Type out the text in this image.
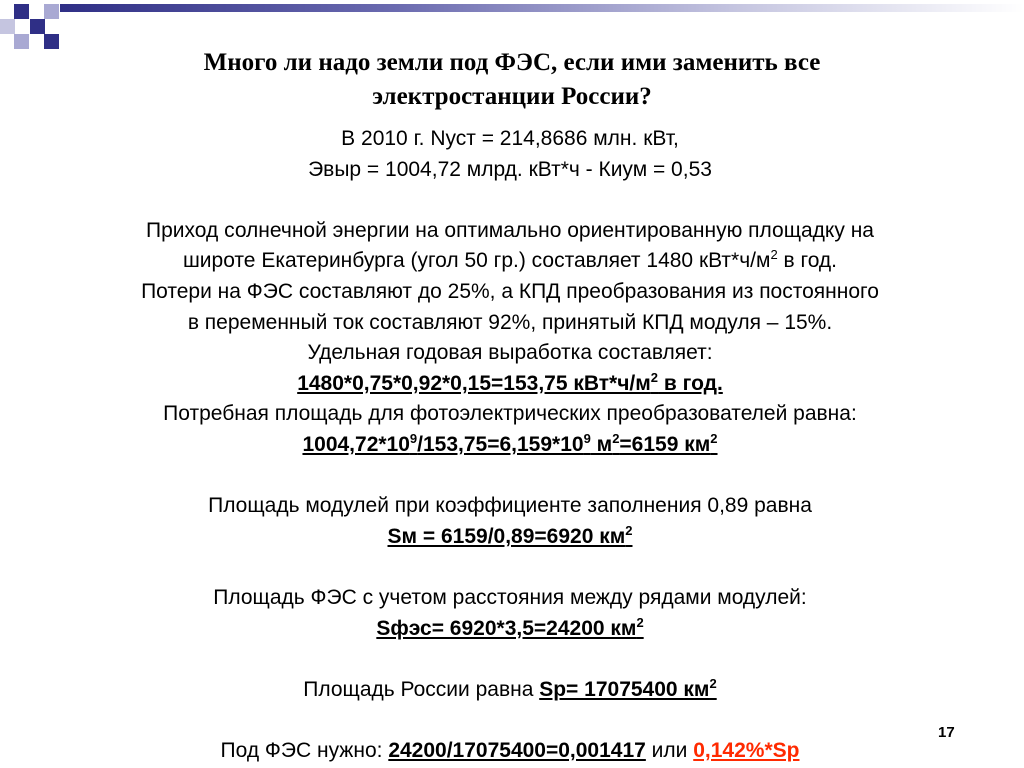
Много ли надо земли под ФЭС, если ими заменить все
электростанции России?
В 2010 г. Nуст = 214,8686 млн. кВт,
Эвыр = 1004,72 млрд. кВт*ч - Киум = 0,53
Приход солнечной энергии на оптимально ориентированную площадку на
широте Екатеринбурга (угол 50 гр.) составляет 1480 $кВт*ч/м^2$ в год.
Потери на ФЭС составляют до 25%, а КПД преобразования из постоянного
в переменный ток составляют 92%, принятый КПД модуля – 15%.
Удельная годовая выработка составляет:
1480*0,75*0,92*0,15=153,75 $кВт*ч/м^2$ в год.
Потребная площадь для фотоэлектрических преобразователей равна:
$1004,72*10^9/153,75=6,159*10^9$ $м^2=6159$ $км^2$
Площадь модулей при коэффициенте заполнения 0,89 равна
Sм = 6159/0,89=6920 $км^2$
Площадь ФЭС с учетом расстояния между рядами модулей:
Sфэс= 6920*3,5=24200 $км^2$
Площадь России равна Sр= 17075400 $км^2$
Под ФЭС нужно: 24200/17075400=0,001417 или 0,142%*Sр
17
